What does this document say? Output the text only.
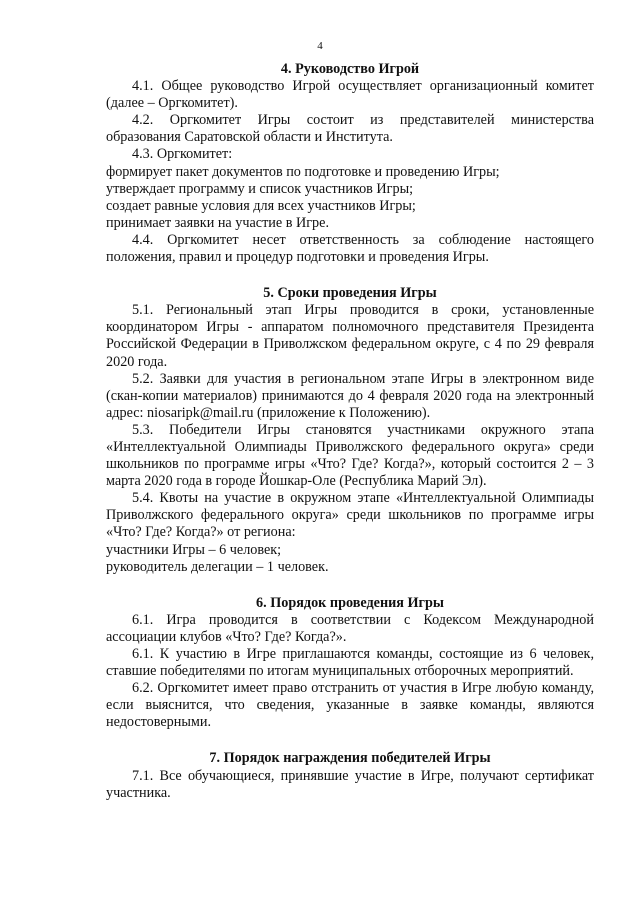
4
4. Руководство Игрой

4.1. Общее руководство Игрой осуществляет организационный комитет (далее – Оргкомитет).

4.2. Оргкомитет Игры состоит из представителей министерства образования Саратовской области и Института.

4.3. Оргкомитет:

формирует пакет документов по подготовке и проведению Игры;

утверждает программу и список участников Игры;

создает равные условия для всех участников Игры;

принимает заявки на участие в Игре.

4.4. Оргкомитет несет ответственность за соблюдение настоящего положения, правил и процедур подготовки и проведения Игры.

5. Сроки проведения Игры

5.1. Региональный этап Игры проводится в сроки, установленные координатором Игры - аппаратом полномочного представителя Президента Российской Федерации в Приволжском федеральном округе, с 4 по 29 февраля 2020 года.

5.2. Заявки для участия в региональном этапе Игры в электронном виде (скан-копии материалов) принимаются до 4 февраля 2020 года на электронный адрес: niosaripk@mail.ru (приложение к Положению).

5.3. Победители Игры становятся участниками окружного этапа «Интеллектуальной Олимпиады Приволжского федерального округа» среди школьников по программе игры «Что? Где? Когда?», который состоится 2 – 3 марта 2020 года в городе Йошкар-Оле (Республика Марий Эл).

5.4. Квоты на участие в окружном этапе «Интеллектуальной Олимпиады Приволжского федерального округа» среди школьников по программе игры «Что? Где? Когда?» от региона:

участники Игры – 6 человек;

руководитель делегации – 1 человек.

6. Порядок проведения Игры

6.1. Игра проводится в соответствии с Кодексом Международной ассоциации клубов «Что? Где? Когда?».

6.1. К участию в Игре приглашаются команды, состоящие из 6 человек, ставшие победителями по итогам муниципальных отборочных мероприятий.

6.2. Оргкомитет имеет право отстранить от участия в Игре любую команду, если выяснится, что сведения, указанные в заявке команды, являются недостоверными.

7. Порядок награждения победителей Игры

7.1. Все обучающиеся, принявшие участие в Игре, получают сертификат участника.
